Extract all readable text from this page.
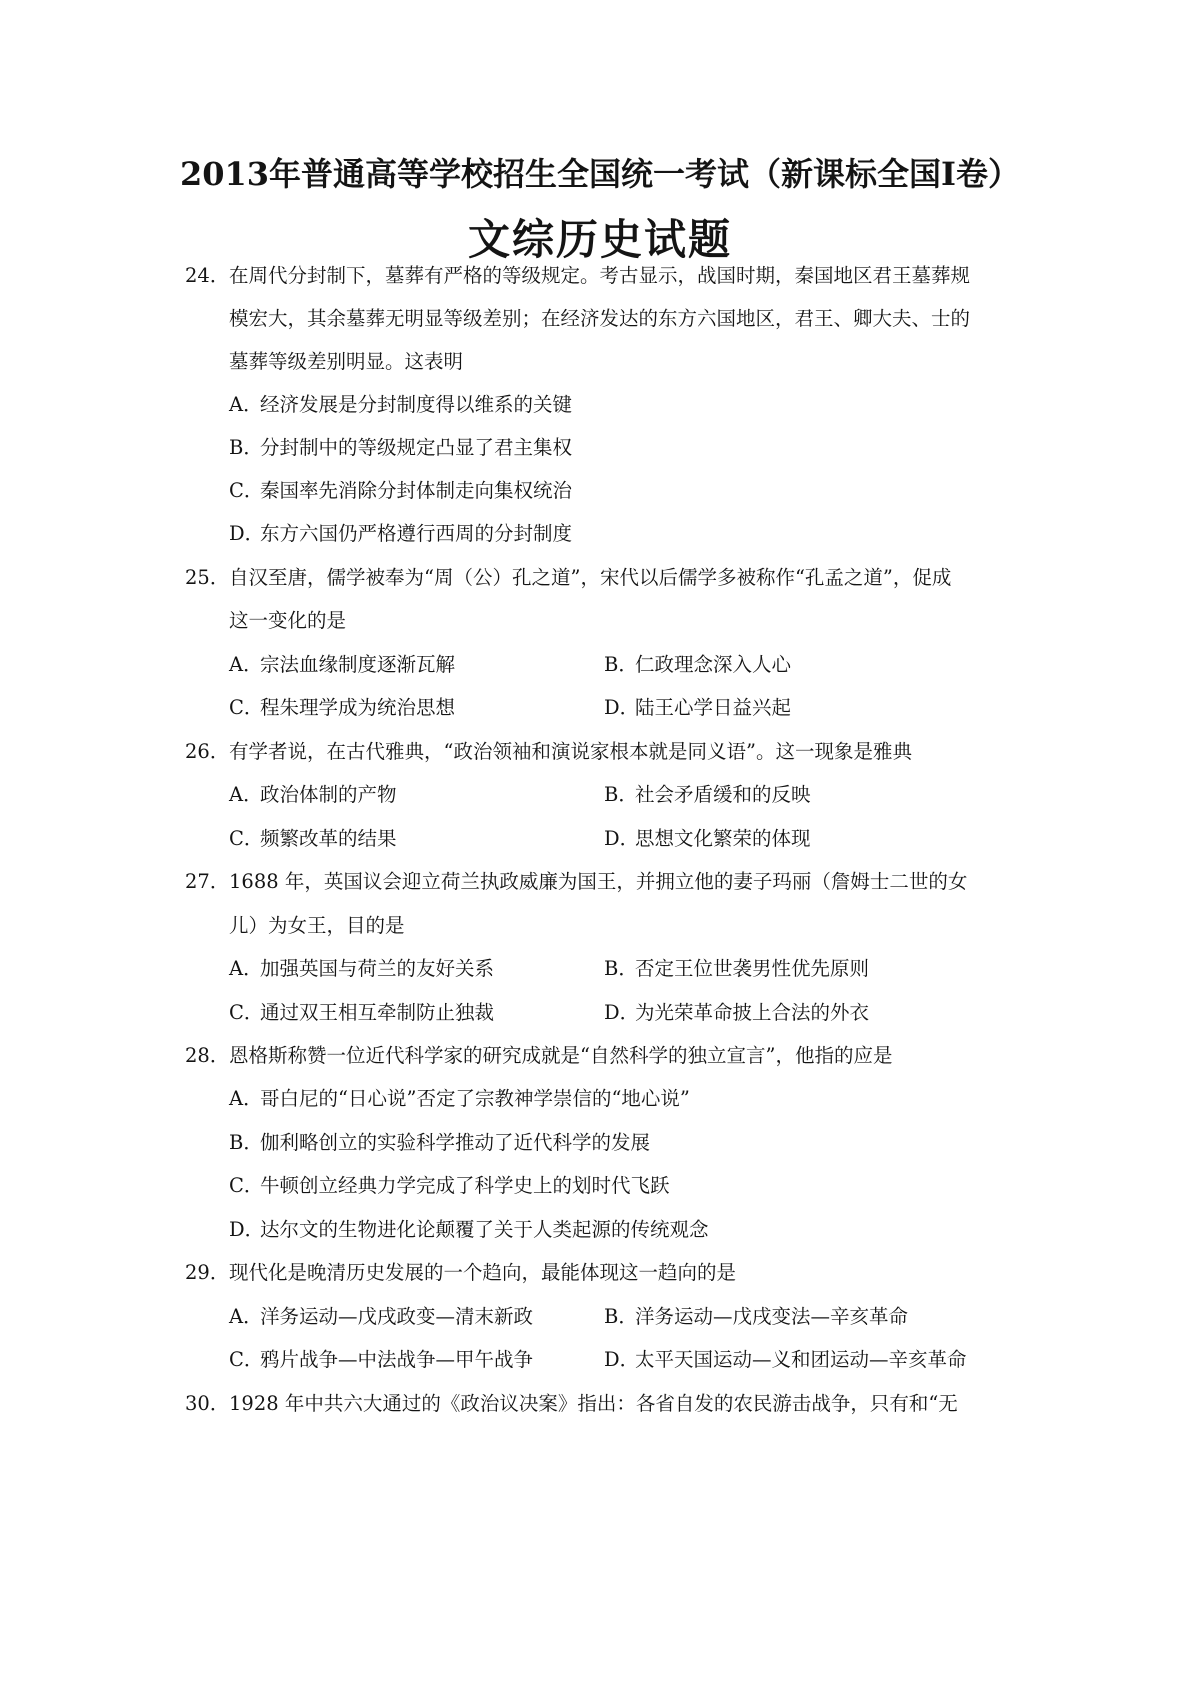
2013年普通高等学校招生全国统一考试（新课标全国Ⅰ卷）
文综历史试题
24．在周代分封制下，墓葬有严格的等级规定。考古显示，战国时期，秦国地区君王墓葬规
模宏大，其余墓葬无明显等级差别；在经济发达的东方六国地区，君王、卿大夫、士的
墓葬等级差别明显。这表明
A．经济发展是分封制度得以维系的关键
B．分封制中的等级规定凸显了君主集权
C．秦国率先消除分封体制走向集权统治
D．东方六国仍严格遵行西周的分封制度
25．自汉至唐，儒学被奉为“周（公）孔之道”，宋代以后儒学多被称作“孔孟之道”，促成
这一变化的是
A．宗法血缘制度逐渐瓦解	B．仁政理念深入人心
C．程朱理学成为统治思想	D．陆王心学日益兴起
26．有学者说，在古代雅典，“政治领袖和演说家根本就是同义语”。这一现象是雅典
A．政治体制的产物	B．社会矛盾缓和的反映
C．频繁改革的结果	D．思想文化繁荣的体现
27．1688 年，英国议会迎立荷兰执政威廉为国王，并拥立他的妻子玛丽（詹姆士二世的女
儿）为女王，目的是
A．加强英国与荷兰的友好关系	B．否定王位世袭男性优先原则
C．通过双王相互牵制防止独裁	D．为光荣革命披上合法的外衣
28．恩格斯称赞一位近代科学家的研究成就是“自然科学的独立宣言”，他指的应是
A．哥白尼的“日心说”否定了宗教神学崇信的“地心说”
B．伽利略创立的实验科学推动了近代科学的发展
C．牛顿创立经典力学完成了科学史上的划时代飞跃
D．达尔文的生物进化论颠覆了关于人类起源的传统观念
29．现代化是晚清历史发展的一个趋向，最能体现这一趋向的是
A．洋务运动—戊戌政变—清末新政	B．洋务运动—戊戌变法—辛亥革命
C．鸦片战争—中法战争—甲午战争	D．太平天国运动—义和团运动—辛亥革命
30．1928 年中共六大通过的《政治议决案》指出：各省自发的农民游击战争，只有和“无
